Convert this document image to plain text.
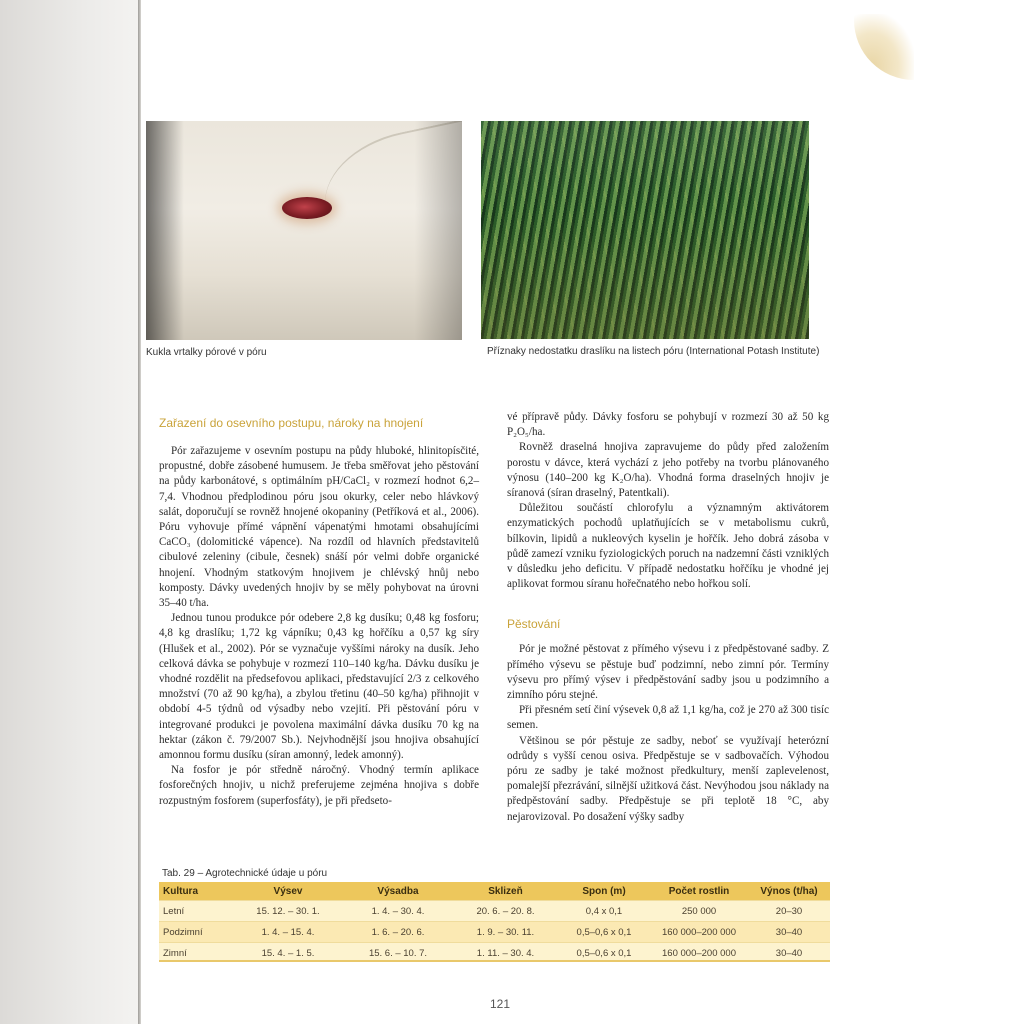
Kukla vrtalky pórové v póru	Příznaky nedostatku draslíku na listech póru (International Potash Institute)
Zařazení do osevního postupu, nároky na hnojení

Pór zařazujeme v osevním postupu na půdy hluboké, hlinitopísčité, propustné, dobře zásobené humusem. Je třeba směřovat jeho pěstování na půdy karbonátové, s optimálním pH/CaCl₂ v rozmezí hodnot 6,2–7,4. Vhodnou předplodinou póru jsou okurky, celer nebo hlávkový salát, doporučují se rovněž hnojené okopaniny (Petříková et al., 2006). Póru vyhovuje přímé vápnění vápenatými hmotami obsahujícími CaCO₃ (dolomitické vápence). Na rozdíl od hlavních představitelů cibulové zeleniny (cibule, česnek) snáší pór velmi dobře organické hnojení. Vhodným statkovým hnojivem je chlévský hnůj nebo komposty. Dávky uvedených hnojiv by se měly pohybovat na úrovni 35–40 t/ha.

Jednou tunou produkce pór odebere 2,8 kg dusíku; 0,48 kg fosforu; 4,8 kg draslíku; 1,72 kg vápníku; 0,43 kg hořčíku a 0,57 kg síry (Hlušek et al., 2002). Pór se vyznačuje vyššími nároky na dusík. Jeho celková dávka se pohybuje v rozmezí 110–140 kg/ha. Dávku dusíku je vhodné rozdělit na předsefovou aplikaci, představující 2/3 z celkového množství (70 až 90 kg/ha), a zbylou třetinu (40–50 kg/ha) přihnojit v období 4-5 týdnů od výsadby nebo vzejití. Při pěstování póru v integrované produkci je povolena maximální dávka dusíku 70 kg na hektar (zákon č. 79/2007 Sb.). Nejvhodnější jsou hnojiva obsahující amonnou formu dusíku (síran amonný, ledek amonný).

Na fosfor je pór středně náročný. Vhodný termín aplikace fosforečných hnojiv, u nichž preferujeme zejména hnojiva s dobře rozpustným fosforem (superfosfáty), je při předseto-

vé přípravě půdy. Dávky fosforu se pohybují v rozmezí 30 až 50 kg P₂O₅/ha.

Rovněž draselná hnojiva zapravujeme do půdy před založením porostu v dávce, která vychází z jeho potřeby na tvorbu plánovaného výnosu (140–200 kg K₂O/ha). Vhodná forma draselných hnojiv je síranová (síran draselný, Patentkali).

Důležitou součástí chlorofylu a významným aktivátorem enzymatických pochodů uplatňujících se v metabolismu cukrů, bílkovin, lipidů a nukleových kyselin je hořčík. Jeho dobrá zásoba v půdě zamezí vzniku fyziologických poruch na nadzemní části vzniklých v důsledku jeho deficitu. V případě nedostatku hořčíku je vhodné jej aplikovat formou síranu hořečnatého nebo hořkou solí.

Pěstování

Pór je možné pěstovat z přímého výsevu i z předpěstované sadby. Z přímého výsevu se pěstuje buď podzimní, nebo zimní pór. Termíny výsevu pro přímý výsev i předpěstování sadby jsou u podzimního a zimního póru stejné.

Při přesném setí činí výsevek 0,8 až 1,1 kg/ha, což je 270 až 300 tisíc semen.

Většinou se pór pěstuje ze sadby, neboť se využívají heterózní odrůdy s vyšší cenou osiva. Předpěstuje se v sadbovačích. Výhodou póru ze sadby je také možnost předkultury, menší zaplevelenost, pomalejší přezrávání, silnější užitková část. Nevýhodou jsou náklady na předpěstování sadby. Předpěstuje se při teplotě 18 °C, aby nejarovizoval. Po dosažení výšky sadby

Tab. 29 – Agrotechnické údaje u póru
Kultura	Výsev	Výsadba	Sklizeň	Spon (m)	Počet rostlin	Výnos (t/ha)
Letní	15. 12. – 30. 1.	1. 4. – 30. 4.	20. 6. – 20. 8.	0,4 x 0,1	250 000	20–30
Podzimní	1. 4. – 15. 4.	1. 6. – 20. 6.	1. 9. – 30. 11.	0,5–0,6 x 0,1	160 000–200 000	30–40
Zimní	15. 4. – 1. 5.	15. 6. – 10. 7.	1. 11. – 30. 4.	0,5–0,6 x 0,1	160 000–200 000	30–40
121
